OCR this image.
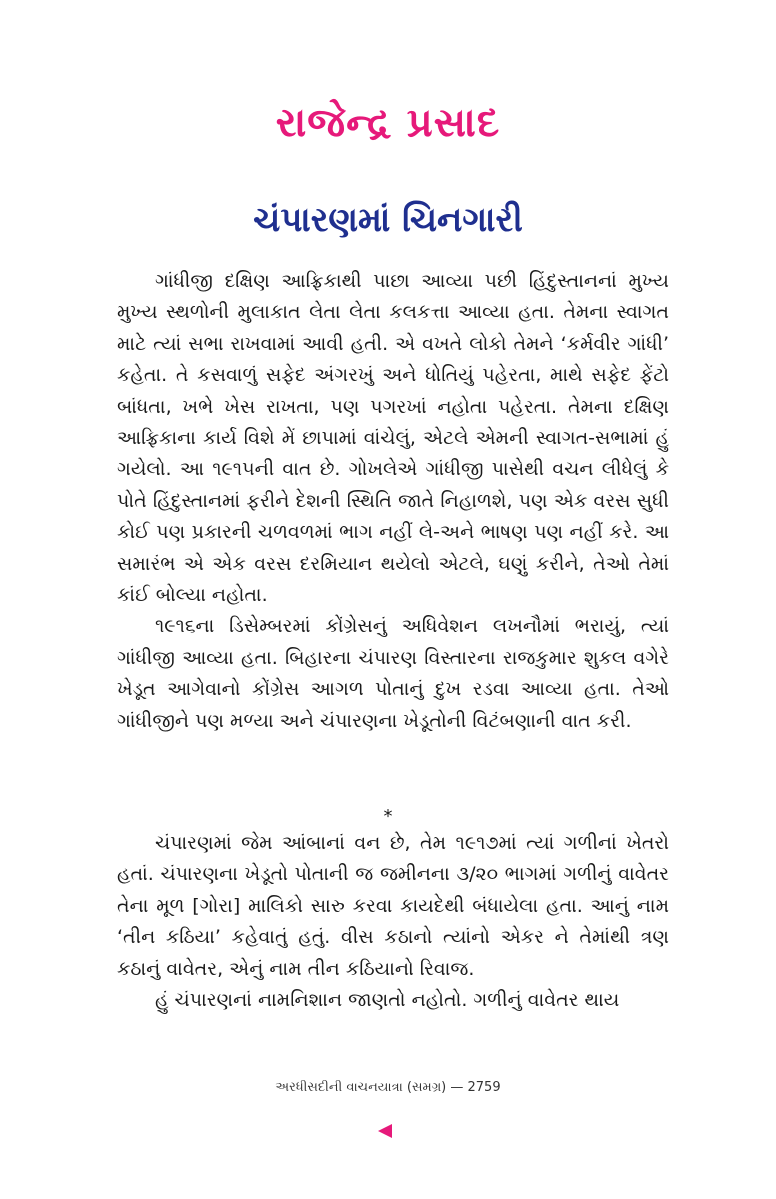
રાજેન્દ્ર પ્રસાદ
ચંપારણમાં ચિનગારી

ગાંધીજી દક્ષિણ આફ્રિકાથી પાછા આવ્યા પછી હિંદુસ્તાનનાં મુખ્ય મુખ્ય સ્થળોની મુલાકાત લેતા લેતા કલકત્તા આવ્યા હતા. તેમના સ્વાગત માટે ત્યાં સભા રાખવામાં આવી હતી. એ વખતે લોકો તેમને ‘કર્મવીર ગાંધી’ કહેતા. તે કસવાળું સફેદ અંગરખું અને ધોતિયું પહેરતા, માથે સફેદ ફેંટો બાંધતા, ખભે ખેસ રાખતા, પણ પગરખાં નહોતા પહેરતા. તેમના દક્ષિણ આફ્રિકાના કાર્ય વિશે મેં છાપામાં વાંચેલું, એટલે એમની સ્વાગત-સભામાં હું ગયેલો. આ ૧૯૧૫ની વાત છે. ગોખલેએ ગાંધીજી પાસેથી વચન લીધેલું કે પોતે હિંદુસ્તાનમાં ફરીને દેશની સ્થિતિ જાતે નિહાળશે, પણ એક વરસ સુધી કોઈ પણ પ્રકારની ચળવળમાં ભાગ નહીં લે-અને ભાષણ પણ નહીં કરે. આ સમારંભ એ એક વરસ દરમિયાન થયેલો એટલે, ઘણું કરીને, તેઓ તેમાં કાંઈ બોલ્યા નહોતા.

૧૯૧૬ના ડિસેમ્બરમાં કોંગ્રેસનું અધિવેશન લખનૌમાં ભરાયું, ત્યાં ગાંધીજી આવ્યા હતા. બિહારના ચંપારણ વિસ્તારના રાજકુમાર શુકલ વગેરે ખેડૂત આગેવાનો કોંગ્રેસ આગળ પોતાનું દુખ રડવા આવ્યા હતા. તેઓ ગાંધીજીને પણ મળ્યા અને ચંપારણના ખેડૂતોની વિટંબણાની વાત કરી.

*

ચંપારણમાં જેમ આંબાનાં વન છે, તેમ ૧૯૧૭માં ત્યાં ગળીનાં ખેતરો હતાં. ચંપારણના ખેડૂતો પોતાની જ જમીનના ૩/૨૦ ભાગમાં ગળીનું વાવેતર તેના મૂળ [ગોરા] માલિકો સારુ કરવા કાયદેથી બંધાયેલા હતા. આનું નામ ‘તીન કઠિયા’ કહેવાતું હતું. વીસ કઠાનો ત્યાંનો એકર ને તેમાંથી ત્રણ કઠાનું વાવેતર, એનું નામ તીન કઠિયાનો રિવાજ.

હું ચંપારણનાં નામનિશાન જાણતો નહોતો. ગળીનું વાવેતર થાય

અરધીસદીની વાચનયાત્રા (સમગ્ર) — 2759
